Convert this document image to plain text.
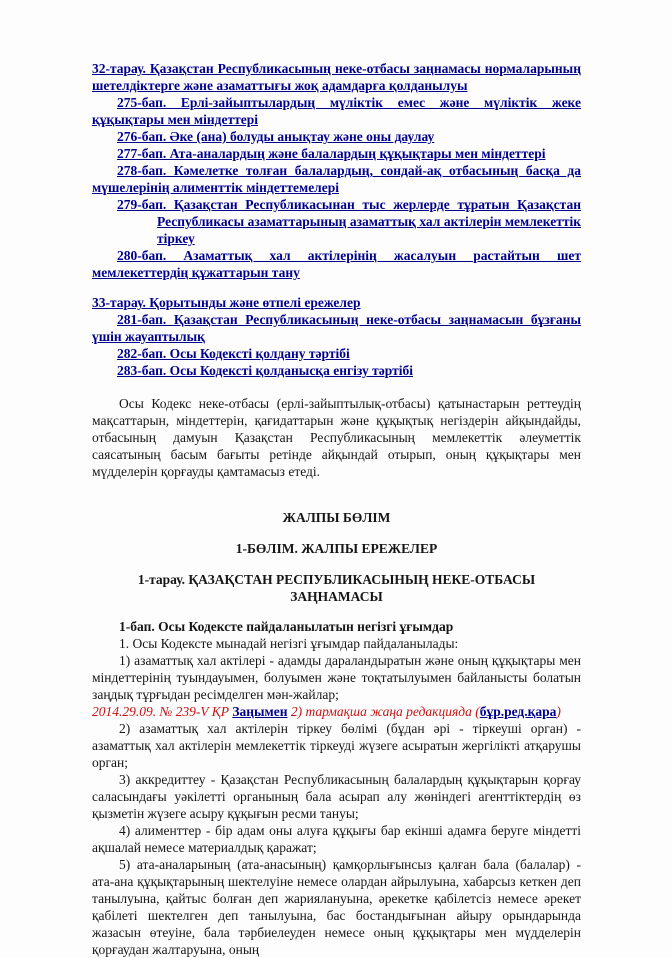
32-тарау. Қазақстан Республикасының неке-отбасы заңнамасы нормаларының шетелдіктерге және азаматтығы жоқ адамдарға қолданылуы
275-бап. Ерлі-зайыптылардың мүліктік емес және мүліктік жеке құқықтары мен міндеттері
276-бап. Әке (ана) болуды анықтау және оны даулау
277-бап. Ата-аналардың және балалардың құқықтары мен міндеттері
278-бап. Кәмелетке толған балалардың, сондай-ақ отбасының басқа да мүшелерінің алименттік міндеттемелері
279-бап. Қазақстан Республикасынан тыс жерлерде тұратын Қазақстан Республикасы азаматтарының азаматтық хал актілерін мемлекеттік тіркеу
280-бап. Азаматтық хал актілерінің жасалуын растайтын шет мемлекеттердің құжаттарын тану
33-тарау. Қорытынды және өтпелі ережелер
281-бап. Қазақстан Республикасының неке-отбасы заңнамасын бұзғаны үшін жауаптылық
282-бап. Осы Кодексті қолдану тәртібі
283-бап. Осы Кодексті қолданысқа енгізу тәртібі

Осы Кодекс неке-отбасы (ерлі-зайыптылық-отбасы) қатынастарын реттеудің мақсаттарын, міндеттерін, қағидаттарын және құқықтық негіздерін айқындайды, отбасының дамуын Қазақстан Республикасының мемлекеттік әлеуметтік саясатының басым бағыты ретінде айқындай отырып, оның құқықтары мен мүдделерін қорғауды қамтамасыз етеді.

ЖАЛПЫ БӨЛІМ

1-БӨЛІМ. ЖАЛПЫ ЕРЕЖЕЛЕР

1-тарау. ҚАЗАҚСТАН РЕСПУБЛИКАСЫНЫҢ НЕКЕ-ОТБАСЫ ЗАҢНАМАСЫ

1-бап. Осы Кодексте пайдаланылатын негізгі ұғымдар

1. Осы Кодексте мынадай негізгі ұғымдар пайдаланылады:

1) азаматтық хал актілері - адамды дараландыратын және оның құқықтары мен міндеттерінің туындауымен, болуымен және тоқтатылуымен байланысты болатын заңдық тұрғыдан ресімделген мән-жайлар;

2014.29.09. № 239-V ҚР Заңымен 2) тармақша жаңа редакцияда (бұр.ред.қара)

2) азаматтық хал актілерін тіркеу бөлімі (бұдан әрі - тіркеуші орган) - азаматтық хал актілерін мемлекеттік тіркеуді жүзеге асыратын жергілікті атқарушы орган;

3) аккредиттеу - Қазақстан Республикасының балалардың құқықтарын қорғау саласындағы уәкілетті органының бала асырап алу жөніндегі агенттіктердің өз қызметін жүзеге асыру құқығын ресми тануы;

4) алименттер - бір адам оны алуға құқығы бар екінші адамға беруге міндетті ақшалай немесе материалдық қаражат;

5) ата-аналарының (ата-анасының) қамқорлығынсыз қалған бала (балалар) - ата-ана құқықтарының шектелуіне немесе олардан айрылуына, хабарсыз кеткен деп танылуына, қайтыс болған деп жариялануына, әрекетке қабілетсіз немесе әрекет қабілеті шектелген деп танылуына, бас бостандығынан айыру орындарында жазасын өтеуіне, бала тәрбиелеуден немесе оның құқықтары мен мүдделерін қорғаудан жалтаруына, оның
